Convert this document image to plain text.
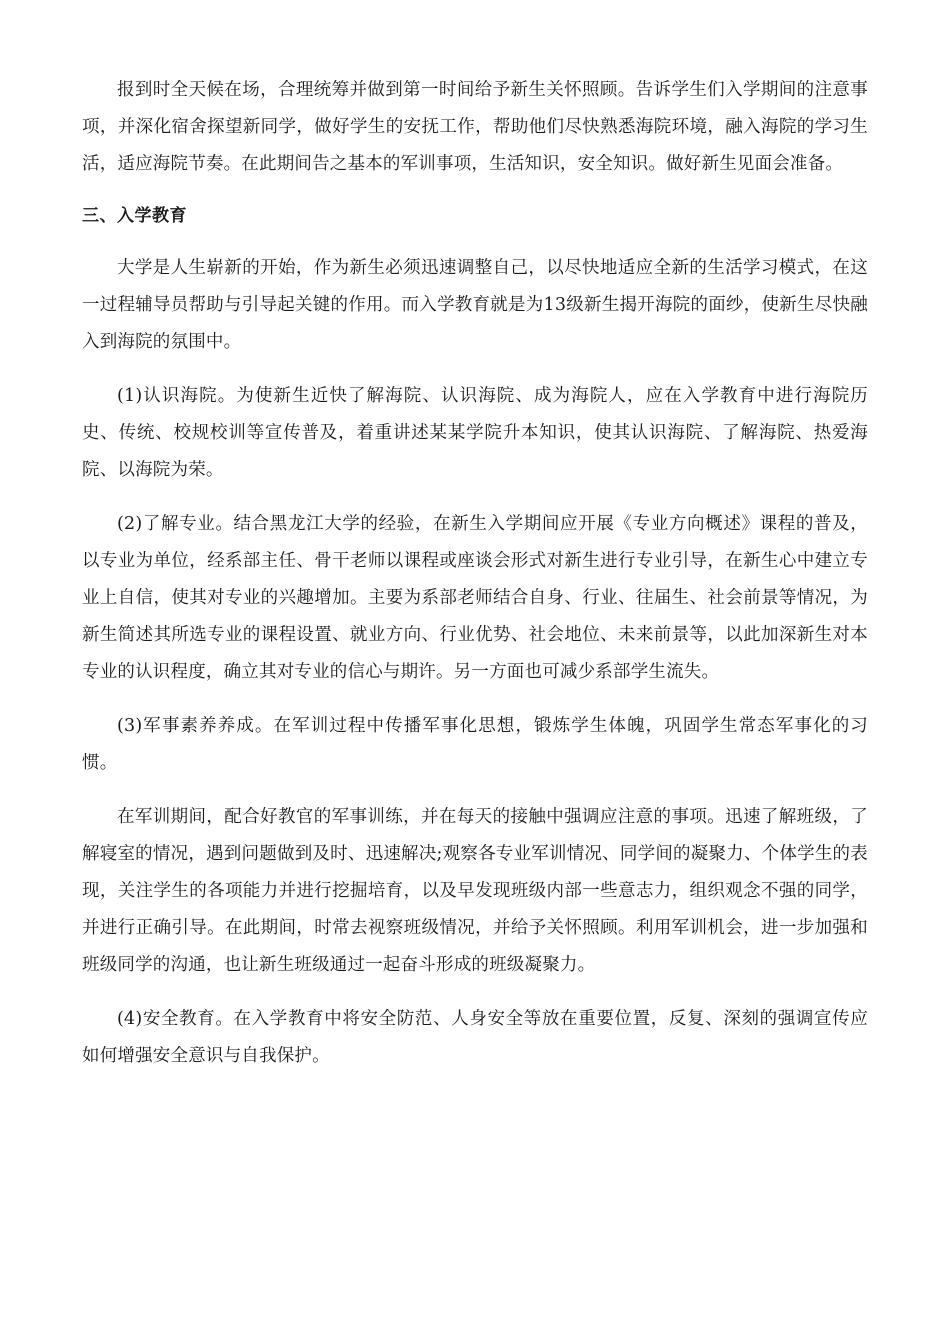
报到时全天候在场，合理统筹并做到第一时间给予新生关怀照顾。告诉学生们入学期间的注意事项，并深化宿舍探望新同学，做好学生的安抚工作，帮助他们尽快熟悉海院环境，融入海院的学习生活，适应海院节奏。在此期间告之基本的军训事项，生活知识，安全知识。做好新生见面会准备。

三、入学教育

大学是人生崭新的开始，作为新生必须迅速调整自己，以尽快地适应全新的生活学习模式，在这一过程辅导员帮助与引导起关键的作用。而入学教育就是为13级新生揭开海院的面纱，使新生尽快融入到海院的氛围中。

(1)认识海院。为使新生近快了解海院、认识海院、成为海院人，应在入学教育中进行海院历史、传统、校规校训等宣传普及，着重讲述某某学院升本知识，使其认识海院、了解海院、热爱海院、以海院为荣。

(2)了解专业。结合黑龙江大学的经验，在新生入学期间应开展《专业方向概述》课程的普及，以专业为单位，经系部主任、骨干老师以课程或座谈会形式对新生进行专业引导，在新生心中建立专业上自信，使其对专业的兴趣增加。主要为系部老师结合自身、行业、往届生、社会前景等情况，为新生简述其所选专业的课程设置、就业方向、行业优势、社会地位、未来前景等，以此加深新生对本专业的认识程度，确立其对专业的信心与期许。另一方面也可减少系部学生流失。

(3)军事素养养成。在军训过程中传播军事化思想，锻炼学生体魄，巩固学生常态军事化的习惯。

在军训期间，配合好教官的军事训练，并在每天的接触中强调应注意的事项。迅速了解班级，了解寝室的情况，遇到问题做到及时、迅速解决;观察各专业军训情况、同学间的凝聚力、个体学生的表现，关注学生的各项能力并进行挖掘培育，以及早发现班级内部一些意志力，组织观念不强的同学，并进行正确引导。在此期间，时常去视察班级情况，并给予关怀照顾。利用军训机会，进一步加强和班级同学的沟通，也让新生班级通过一起奋斗形成的班级凝聚力。

(4)安全教育。在入学教育中将安全防范、人身安全等放在重要位置，反复、深刻的强调宣传应如何增强安全意识与自我保护。
